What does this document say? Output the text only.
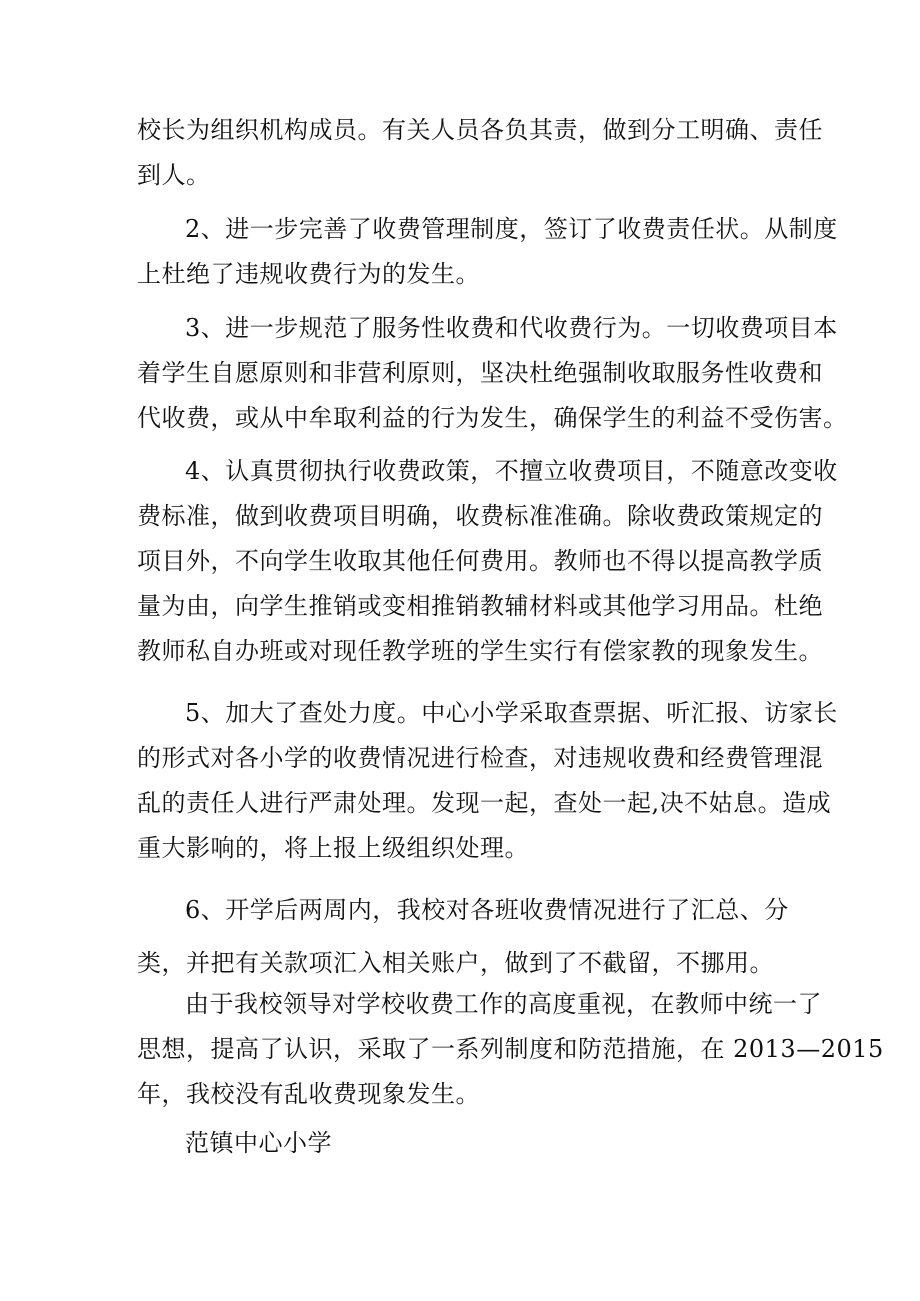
校长为组织机构成员。有关人员各负其责，做到分工明确、责任
到人。
2、进一步完善了收费管理制度，签订了收费责任状。从制度
上杜绝了违规收费行为的发生。
3、进一步规范了服务性收费和代收费行为。一切收费项目本
着学生自愿原则和非营利原则，坚决杜绝强制收取服务性收费和
代收费，或从中牟取利益的行为发生，确保学生的利益不受伤害。
4、认真贯彻执行收费政策，不擅立收费项目，不随意改变收
费标准，做到收费项目明确，收费标准准确。除收费政策规定的
项目外，不向学生收取其他任何费用。教师也不得以提高教学质
量为由，向学生推销或变相推销教辅材料或其他学习用品。杜绝
教师私自办班或对现任教学班的学生实行有偿家教的现象发生。
5、加大了查处力度。中心小学采取查票据、听汇报、访家长
的形式对各小学的收费情况进行检查，对违规收费和经费管理混
乱的责任人进行严肃处理。发现一起，查处一起,决不姑息。造成
重大影响的，将上报上级组织处理。
6、开学后两周内，我校对各班收费情况进行了汇总、分
类，并把有关款项汇入相关账户，做到了不截留，不挪用。
由于我校领导对学校收费工作的高度重视，在教师中统一了
思想，提高了认识，采取了一系列制度和防范措施，在 2013—2015
年，我校没有乱收费现象发生。
范镇中心小学
